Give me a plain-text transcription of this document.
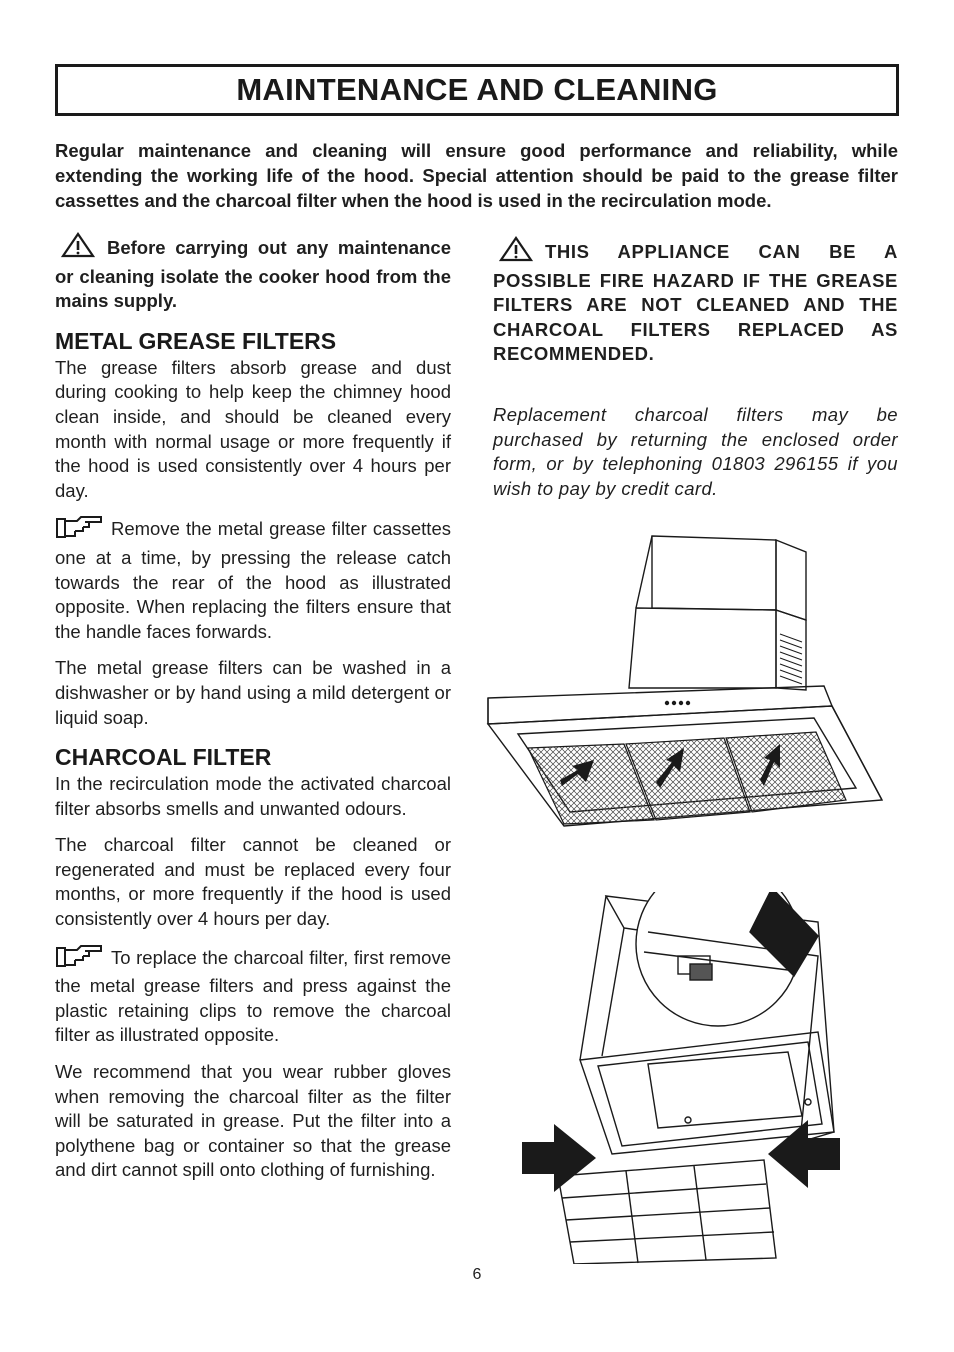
MAINTENANCE AND CLEANING

Regular maintenance and cleaning will ensure good performance and reliability, while extending the working life of the hood. Special attention should be paid to the grease filter cassettes and the charcoal filter when the hood is used in the recirculation mode.

Before carrying out any maintenance or cleaning isolate the cooker hood from the mains supply.

METAL GREASE FILTERS

The grease filters absorb grease and dust during cooking to help keep the chimney hood clean inside, and should be cleaned every month with normal usage or more frequently if the hood is used consistently over 4 hours per day.

Remove the metal grease filter cassettes one at a time, by pressing the release catch towards the rear of the hood as illustrated opposite. When replacing the filters ensure that the handle faces forwards.

The metal grease filters can be washed in a dishwasher or by hand using a mild detergent or liquid soap.

CHARCOAL FILTER

In the recirculation mode the activated charcoal filter absorbs smells and unwanted odours.

The charcoal filter cannot be cleaned or regenerated and must be replaced every four months, or more frequently if the hood is used consistently over 4 hours per day.

To replace the charcoal filter, first remove the metal grease filters and press against the plastic retaining clips to remove the charcoal filter as illustrated opposite.

We recommend that you wear rubber gloves when removing the charcoal filter as the filter will be saturated in grease. Put the filter into a polythene bag or container so that the grease and dirt cannot spill onto clothing of furnishing.

THIS APPLIANCE CAN BE A POSSIBLE FIRE HAZARD IF THE GREASE FILTERS ARE NOT CLEANED AND THE CHARCOAL FILTERS REPLACED AS RECOMMENDED.

Replacement charcoal filters may be purchased by returning the enclosed order form, or by telephoning 01803 296155 if you wish to pay by credit card.

6
